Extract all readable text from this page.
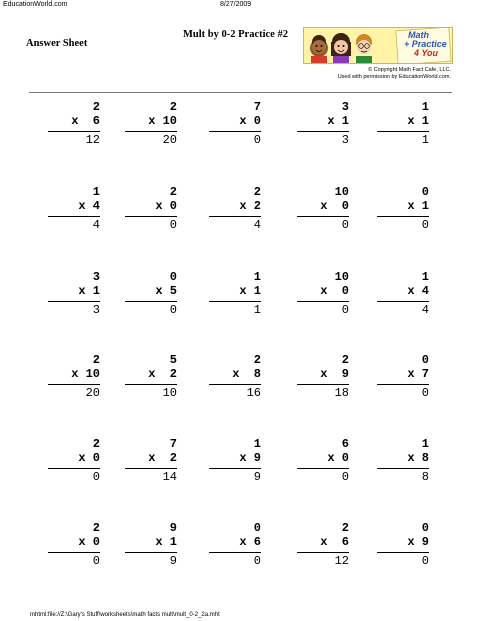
EducationWorld.com	8/27/2009
Answer Sheet
Mult by 0-2 Practice #2	Math
+ Practice
4 You
© Copyright Math Fact Cafe, LLC.
Used with permission by EducationWorld.com.
2
x  6
12
2
x 10
20
7
x 0
0
3
x 1
3
1
x 1
1
1
x 4
4
2
x 0
0
2
x 2
4
10
x  0
0
0
x 1
0
3
x 1
3
0
x 5
0
1
x 1
1
10
x  0
0
1
x 4
4
2
x 10
20
5
x  2
10
2
x  8
16
2
x  9
18
0
x 7
0
2
x 0
0
7
x  2
14
1
x 9
9
6
x 0
0
1
x 8
8
2
x 0
0
9
x 1
9
0
x 6
0
2
x  6
12
0
x 9
0
mhtml:file://Z:\Gary's Stuff\worksheets\math facts mult\mult_0-2_2a.mht
